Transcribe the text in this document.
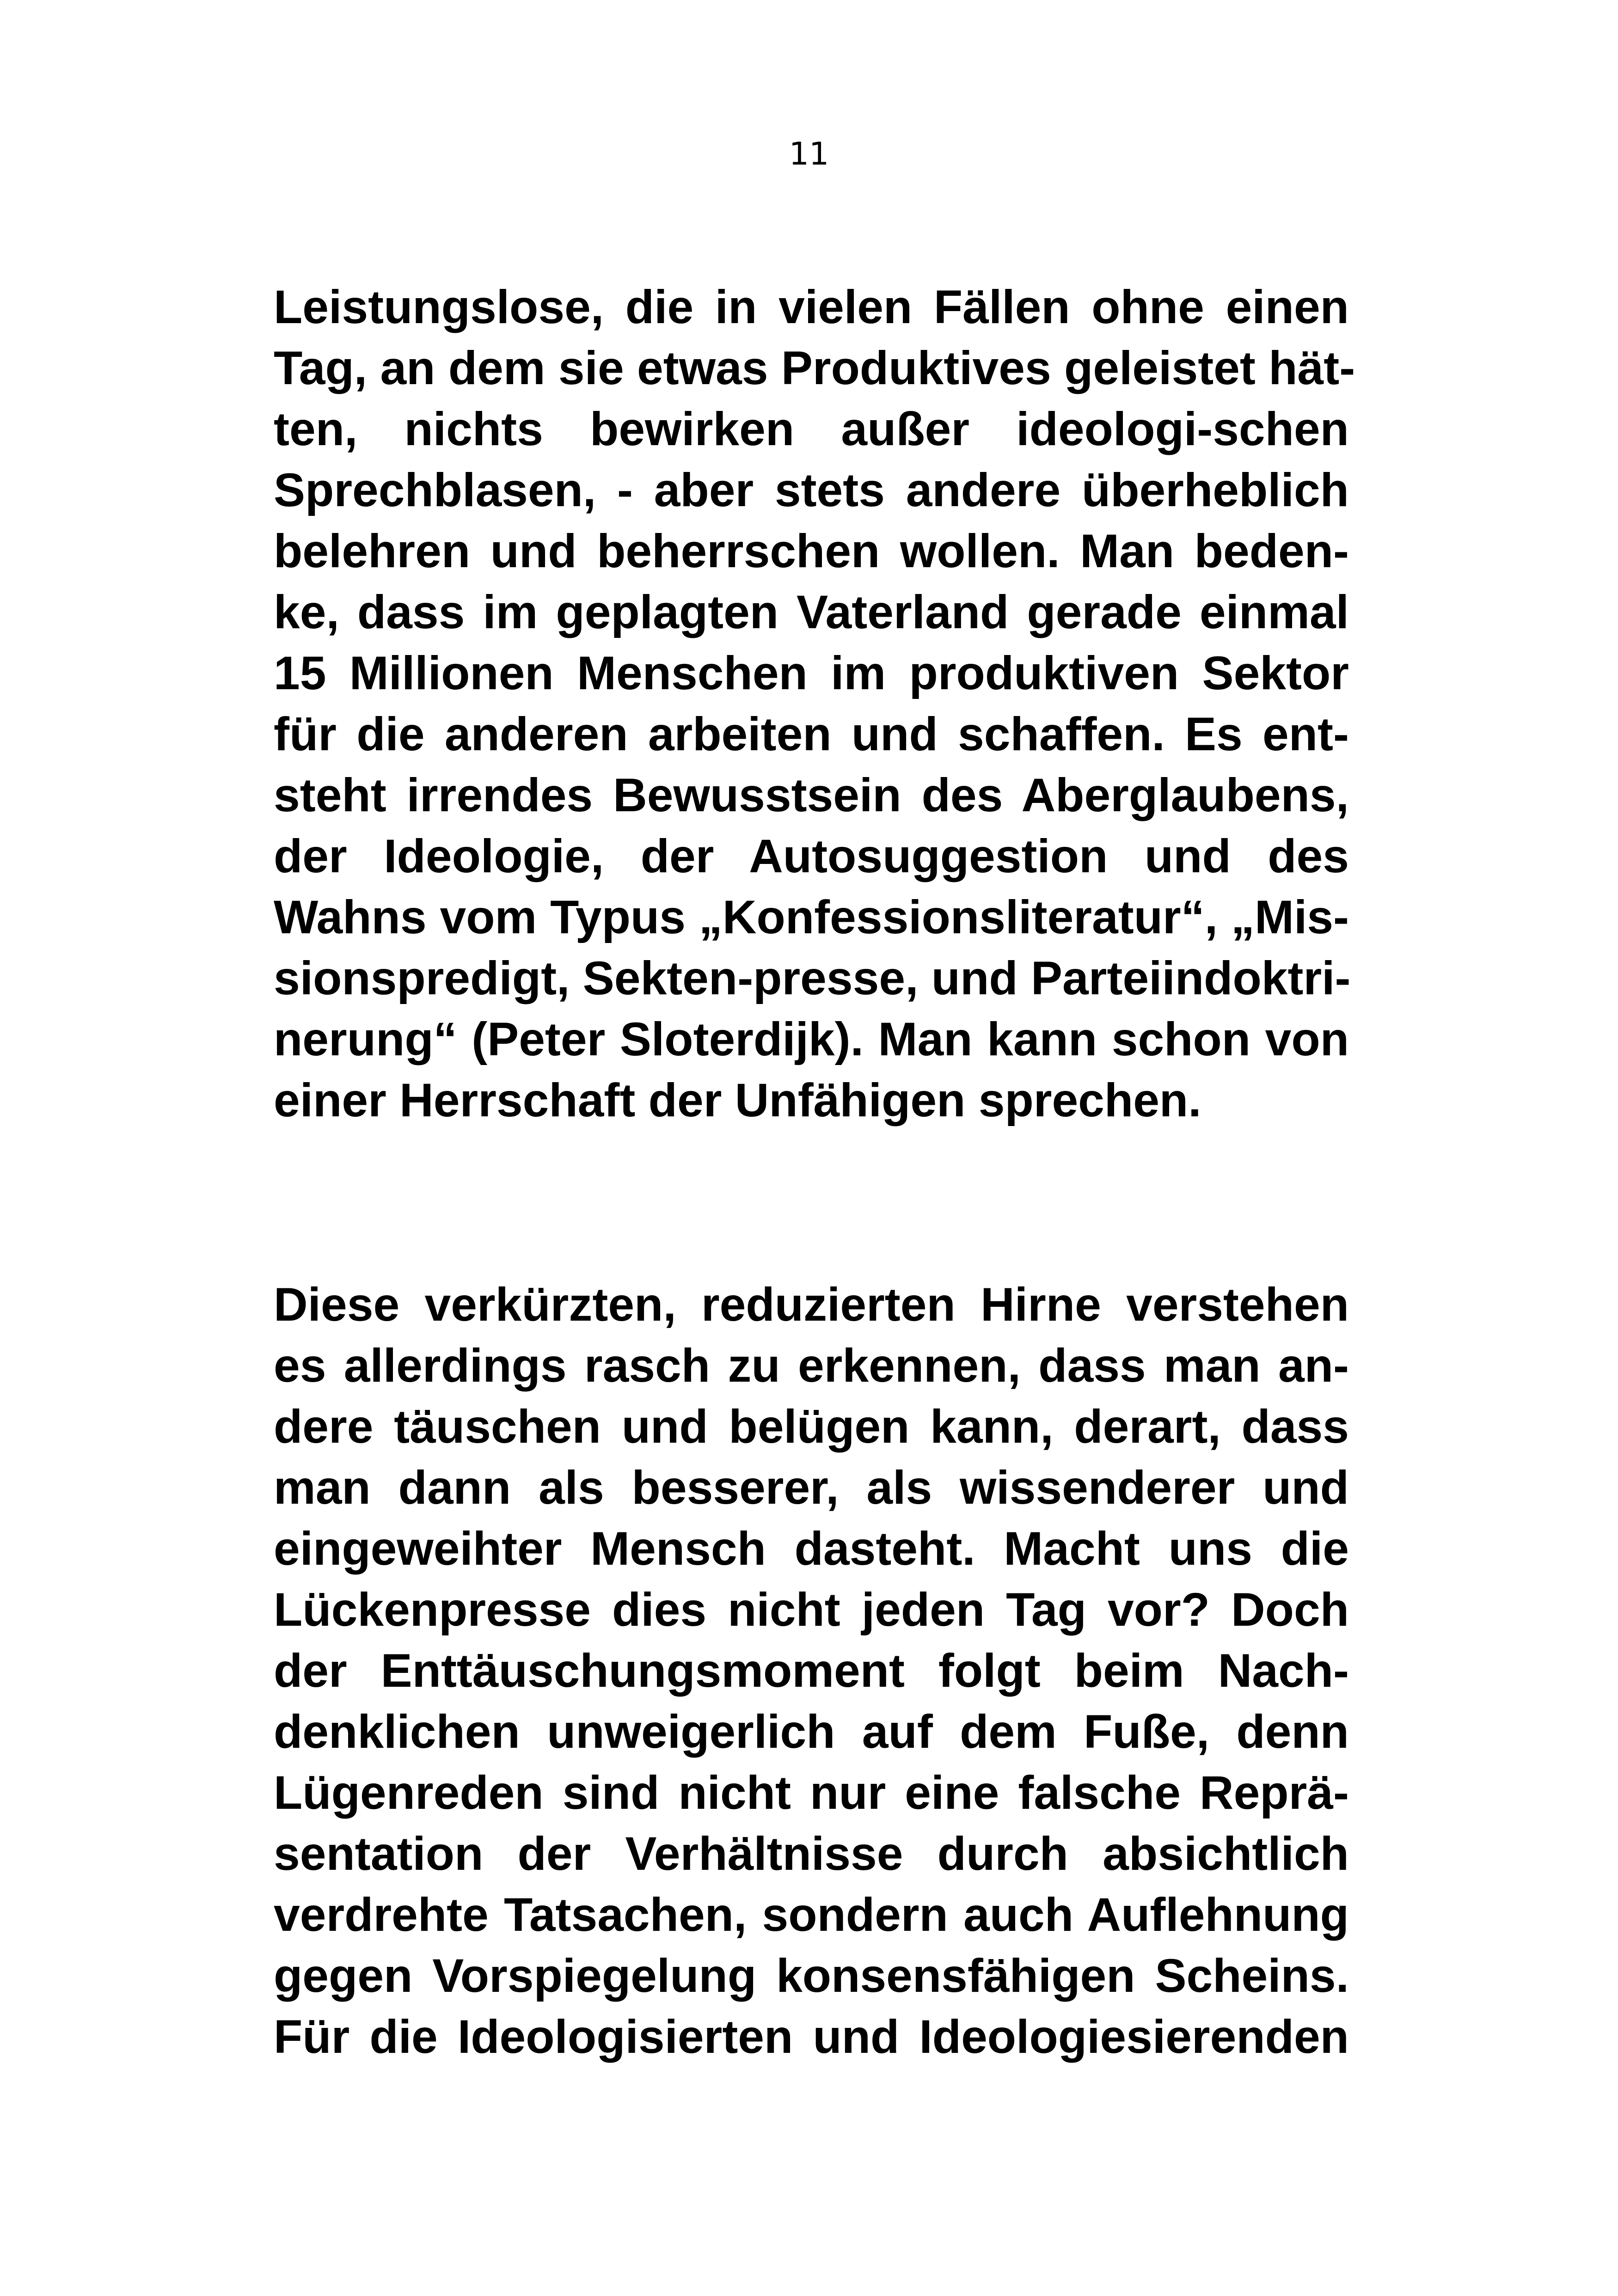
11
Leistungslose, die in vielen Fällen ohne einen
Tag, an dem sie etwas Produktives geleistet hät-
ten, nichts bewirken außer ideologi-schen
Sprechblasen, - aber stets andere überheblich
belehren und beherrschen wollen. Man beden-
ke, dass im geplagten Vaterland gerade einmal
15 Millionen Menschen im produktiven Sektor
für die anderen arbeiten und schaffen. Es ent-
steht irrendes Bewusstsein des Aberglaubens,
der Ideologie, der Autosuggestion und des
Wahns vom Typus „Konfessionsliteratur“, „Mis-
sionspredigt, Sekten-presse, und Parteiindoktri-
nerung“ (Peter Sloterdijk). Man kann schon von
einer Herrschaft der Unfähigen sprechen.
Diese verkürzten, reduzierten Hirne verstehen
es allerdings rasch zu erkennen, dass man an-
dere täuschen und belügen kann, derart, dass
man dann als besserer, als wissenderer und
eingeweihter Mensch dasteht. Macht uns die
Lückenpresse dies nicht jeden Tag vor? Doch
der Enttäuschungsmoment folgt beim Nach-
denklichen unweigerlich auf dem Fuße, denn
Lügenreden sind nicht nur eine falsche Reprä-
sentation der Verhältnisse durch absichtlich
verdrehte Tatsachen, sondern auch Auflehnung
gegen Vorspiegelung konsensfähigen Scheins.
Für die Ideologisierten und Ideologiesierenden
